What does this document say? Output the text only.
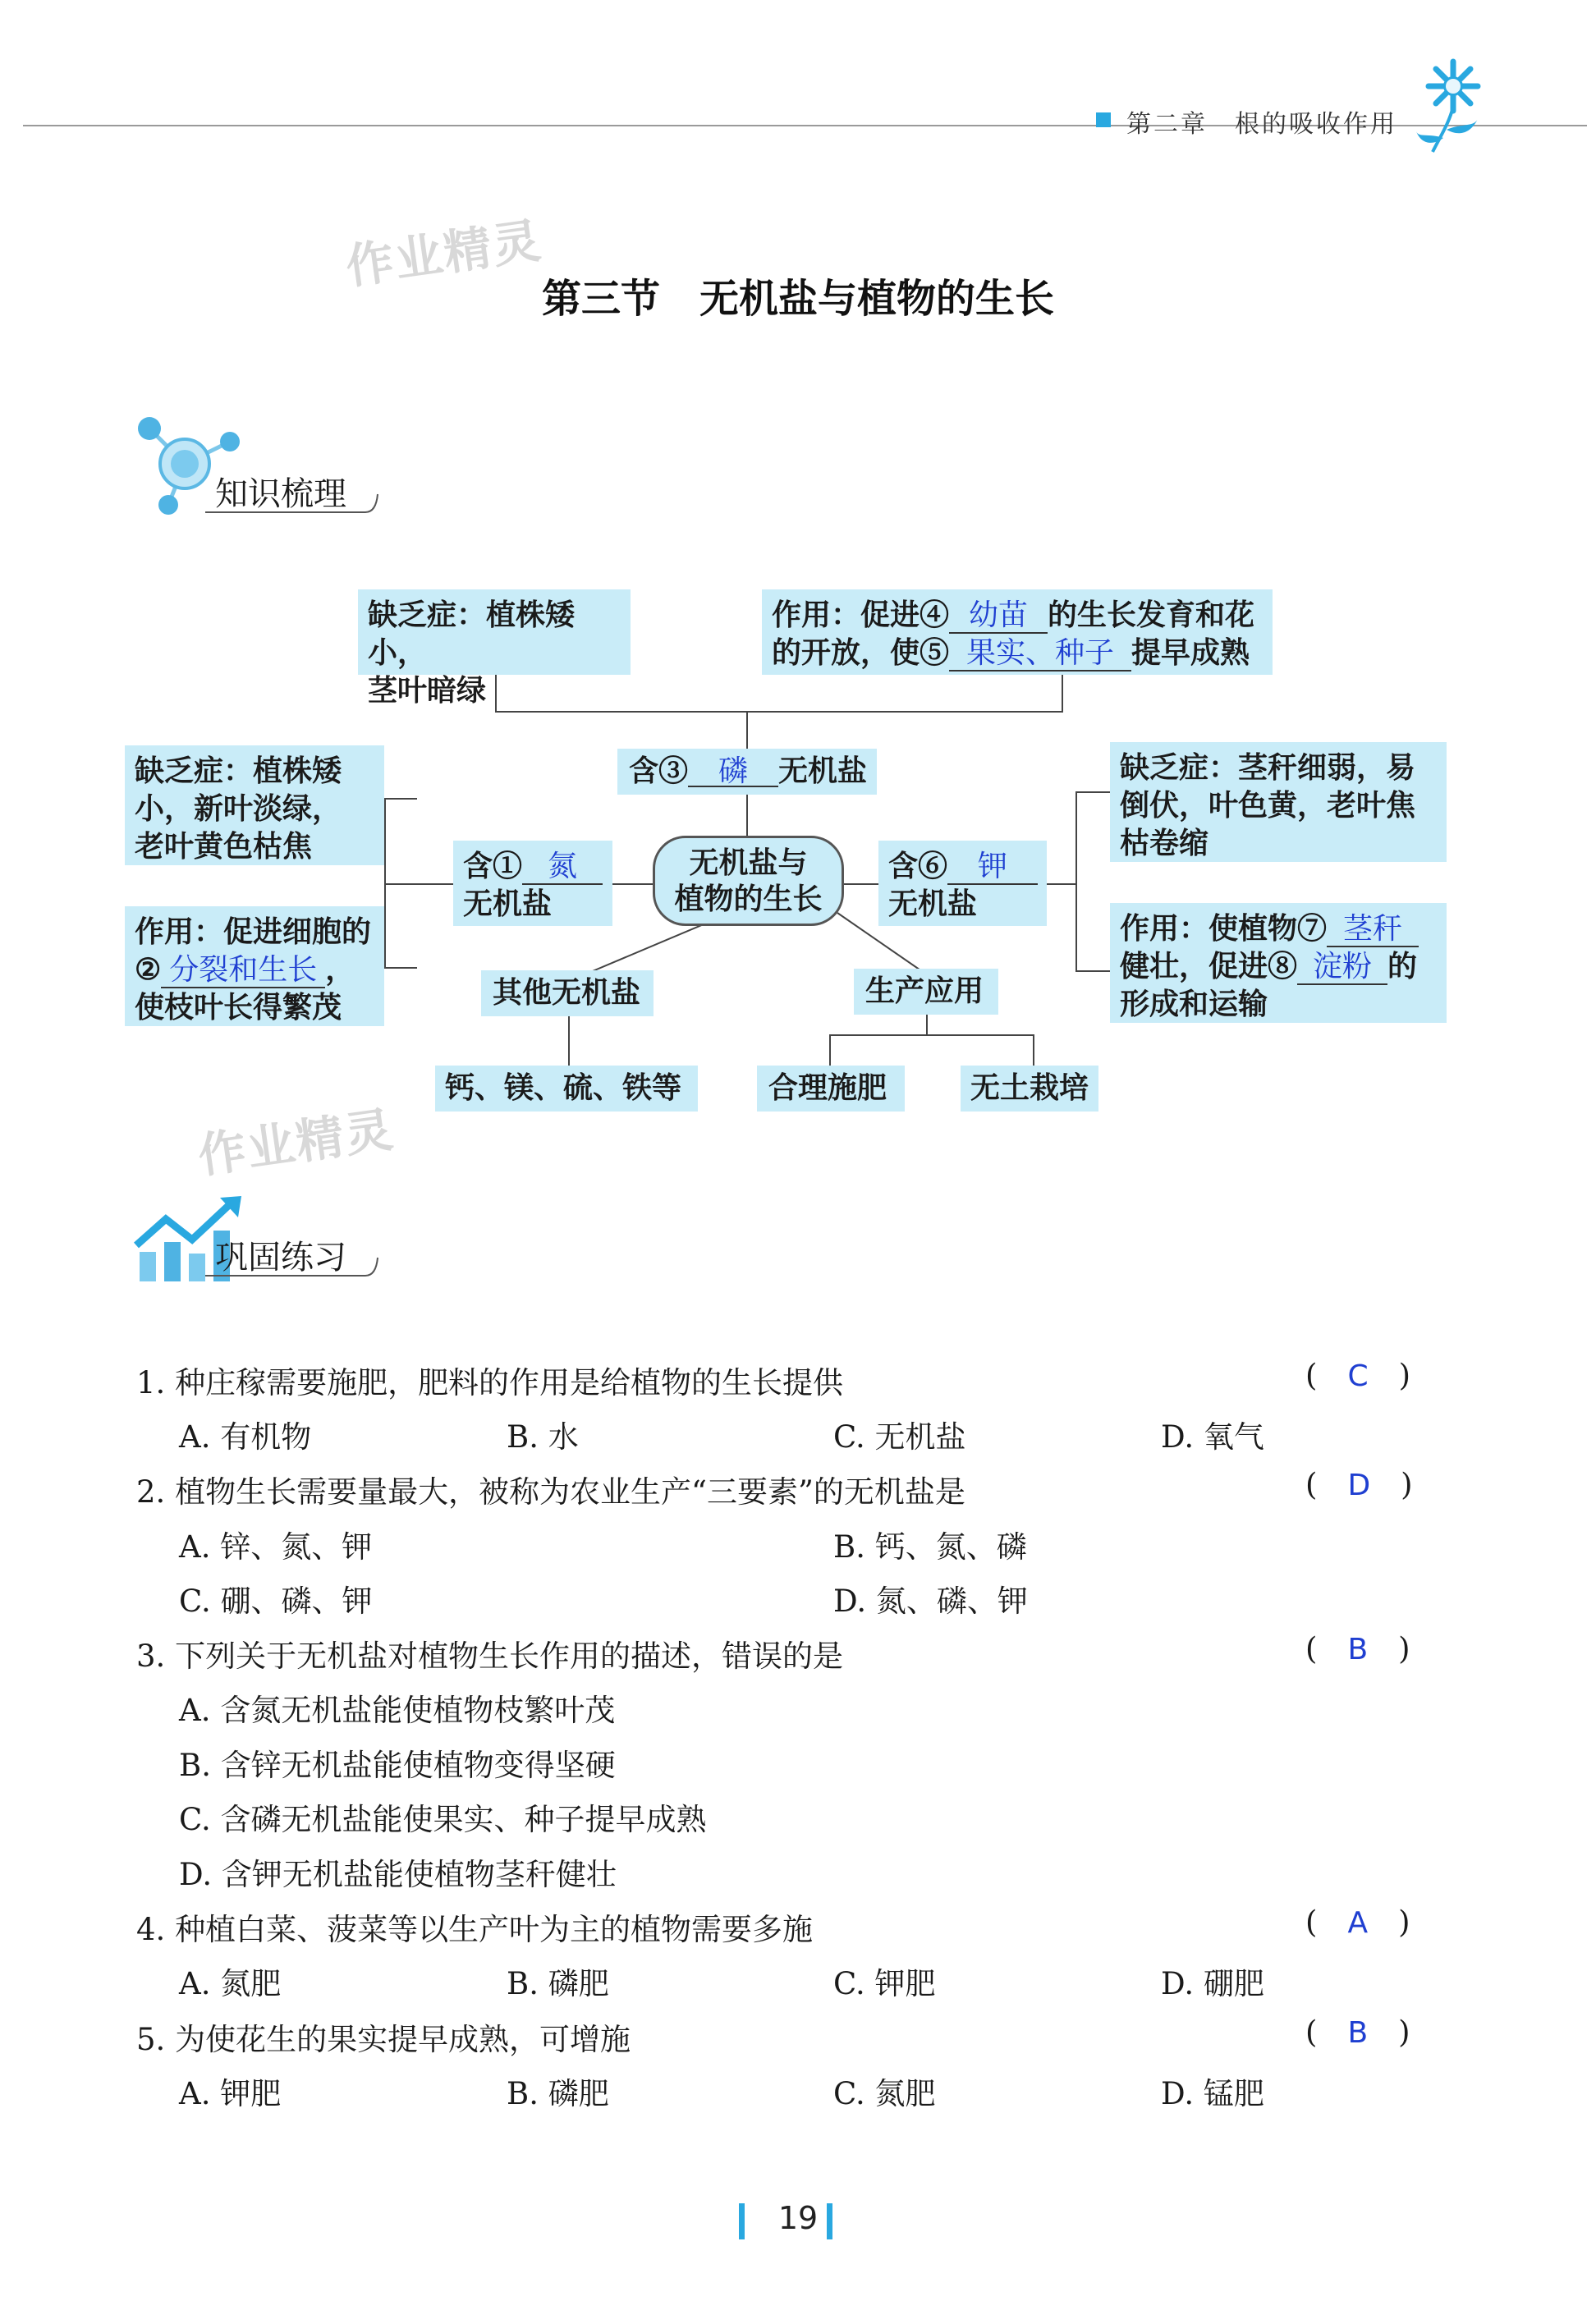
第二章　根的吸收作用
作业精灵
作业精灵
第三节　无机盐与植物的生长
知识梳理
缺乏症：植株矮小，
茎叶暗绿
作用：促进④ 幼苗 的生长发育和花
的开放，使⑤ 果实、种子 提早成熟
含③ 磷 无机盐
缺乏症：植株矮
小，新叶淡绿，
老叶黄色枯焦
作用：促进细胞的
② 分裂和生长 ，
使枝叶长得繁茂
含① 氮
无机盐
无机盐与
植物的生长
含⑥ 钾
无机盐
缺乏症：茎秆细弱，易
倒伏，叶色黄，老叶焦
枯卷缩
作用：使植物⑦ 茎秆
健壮，促进⑧ 淀粉 的
形成和运输
其他无机盐	生产应用
钙、镁、硫、铁等	合理施肥	无土栽培
巩固练习
1. 种庄稼需要施肥，肥料的作用是给植物的生长提供	( C )
A. 有机物	B. 水	C. 无机盐	D. 氧气
2. 植物生长需要量最大，被称为农业生产“三要素”的无机盐是	( D )
A. 锌、氮、钾	B. 钙、氮、磷
C. 硼、磷、钾	D. 氮、磷、钾
3. 下列关于无机盐对植物生长作用的描述，错误的是	( B )
A. 含氮无机盐能使植物枝繁叶茂
B. 含锌无机盐能使植物变得坚硬
C. 含磷无机盐能使果实、种子提早成熟
D. 含钾无机盐能使植物茎秆健壮
4. 种植白菜、菠菜等以生产叶为主的植物需要多施	( A )
A. 氮肥	B. 磷肥	C. 钾肥	D. 硼肥
5. 为使花生的果实提早成熟，可增施	( B )
A. 钾肥	B. 磷肥	C. 氮肥	D. 锰肥
19
